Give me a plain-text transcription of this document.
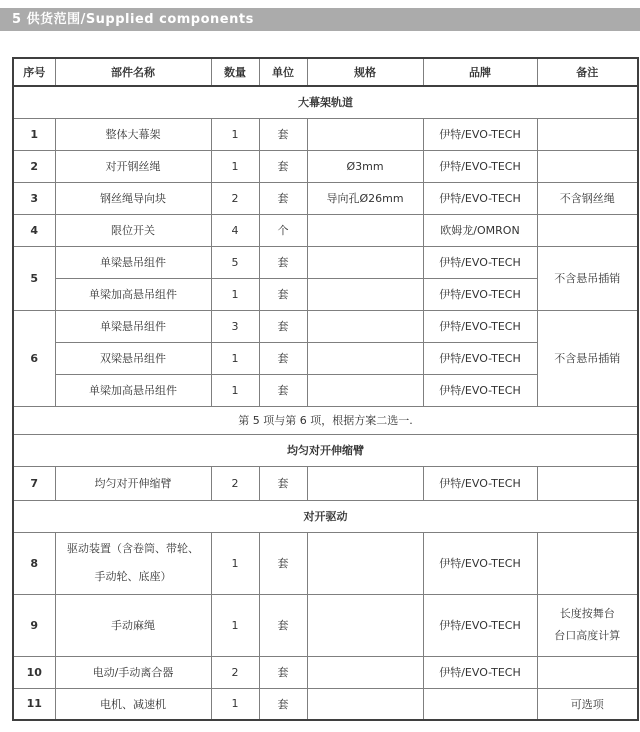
5 供货范围/Supplied components
序号	部件名称	数量	单位	规格	品牌	备注
大幕架轨道						
1	整体大幕架	1	套		伊特/EVO-TECH	
2	对开钢丝绳	1	套	Ø3mm	伊特/EVO-TECH	
3	钢丝绳导向块	2	套	导向孔Ø26mm	伊特/EVO-TECH	不含钢丝绳
4	限位开关	4	个		欧姆龙/OMRON	
5	单梁悬吊组件	5	套		伊特/EVO-TECH	不含悬吊插销
	单梁加高悬吊组件	1	套		伊特/EVO-TECH	
6	单梁悬吊组件	3	套		伊特/EVO-TECH	不含悬吊插销
	双梁悬吊组件	1	套		伊特/EVO-TECH	
	单梁加高悬吊组件	1	套		伊特/EVO-TECH	
第 5 项与第 6 项，根据方案二选一.						
均匀对开伸缩臂						
7	均匀对开伸缩臂	2	套		伊特/EVO-TECH	
对开驱动						
8	驱动装置（含卷筒、带轮、
手动轮、底座）	1	套		伊特/EVO-TECH	
9	手动麻绳	1	套		伊特/EVO-TECH	长度按舞台
台口高度计算
10	电动/手动离合器	2	套		伊特/EVO-TECH	
11	电机、减速机	1	套			可选项
